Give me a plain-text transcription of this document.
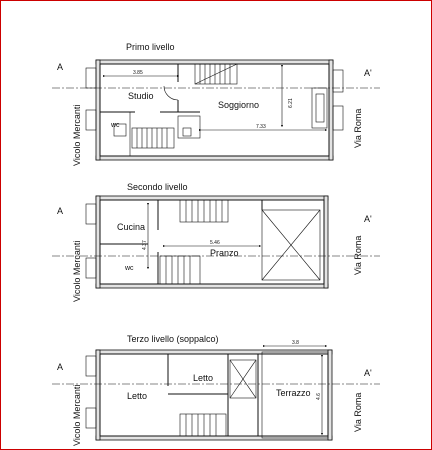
Primo livello
3.85
6.21
7.33
Studio
Soggiorno
wc
A
A'
Vicolo Mercanti	Via Roma
Secondo livello
4.37	5.46
Cucina
Pranzo
wc
A
A'
Vicolo Mercanti	Via Roma
Terzo livello (soppalco)	3.8
4.6
Letto
Letto
Terrazzo
A
A'
Vicolo Mercanti	Via Roma
